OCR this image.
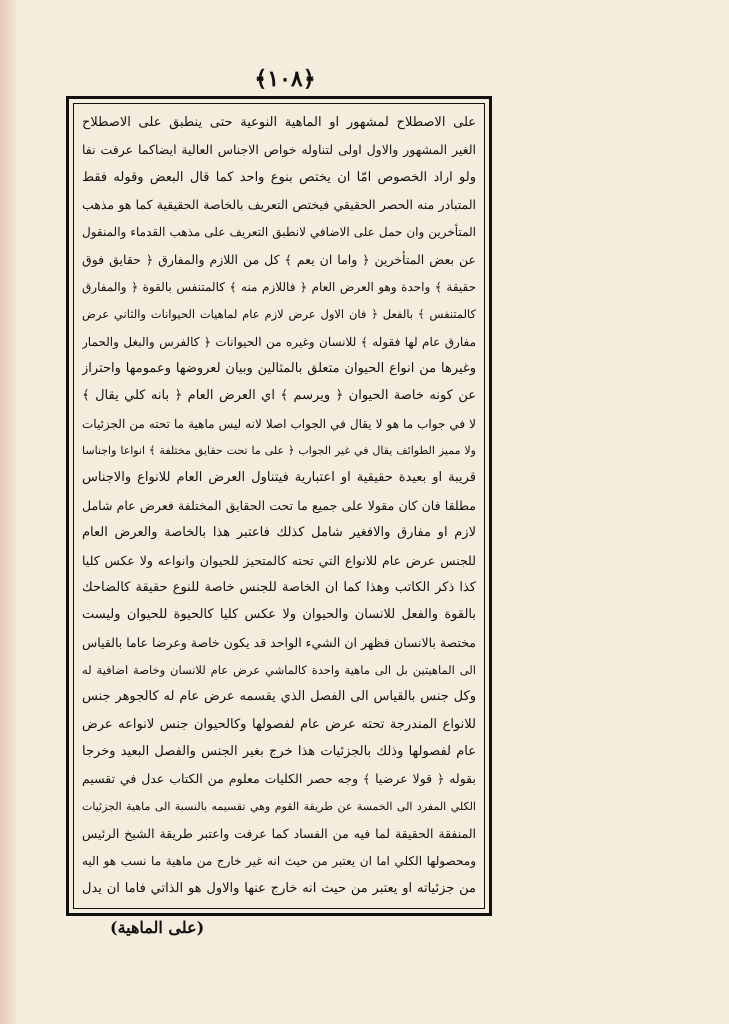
﴿١٠٨﴾
على الاصطلاح لمشهور او الماهية النوعية حتى ينطبق على الاصطلاح
الغير المشهور والاول اولى لتناوله خواص الاجناس العالية ايضاكما عرفت نفا
ولو اراد الخصوص امّا ان يختص بنوع واحد كما قال البعض وقوله فقط
المتبادر منه الحصر الحقيقي فيختص التعريف بالخاصة الحقيقية كما هو مذهب
المتأخرين وان حمل على الاضافي لانطبق التعريف على مذهب القدماء والمنقول
عن بعض المتأخرين ﴿ واما ان يعم ﴾ كل من اللازم والمفارق ﴿ حقايق فوق
حقيقة ﴾ واحدة وهو العرض العام ﴿ فاللازم منه ﴾ كالمتنفس بالقوة ﴿ والمفارق
كالمتنفس ﴾ بالفعل ﴿ فان الاول عرض لازم عام لماهيات الحيوانات والثاني عرض
مفارق عام لها فقوله ﴾ للانسان وغيره من الحيوانات ﴿ كالفرس والبغل والحمار
وغيرها من انواع الحيوان متعلق بالمثالين وبيان لعروضها وعمومها واحتراز
عن كونه خاصة الحيوان ﴿ ويرسم ﴾ اي العرض العام ﴿ بانه كلي يقال ﴾
لا في جواب ما هو لا يقال في الجواب اصلا لانه ليس ماهية ما تحته من الجزئيات
ولا مميز الطوائف يقال في غير الجواب ﴿ على ما تحت حقايق مختلفة ﴾ انواعا واجناسا
قريبة او بعيدة حقيقية او اعتبارية فيتناول العرض العام للانواع والاجناس
مطلقا فان كان مقولا على جميع ما تحت الحقايق المختلفة فعرض عام شامل
لازم او مفارق والافغير شامل كذلك فاعتبر هذا بالخاصة والعرض العام
للجنس عرض عام للانواع التي تحته كالمتحيز للحيوان وانواعه ولا عكس كليا
كذا ذكر الكاتب وهذا كما ان الخاصة للجنس خاصة للنوع حقيقة كالضاحك
بالقوة والفعل للانسان والحيوان ولا عكس كليا كالحيوة للحيوان وليست
مختصة بالانسان فظهر ان الشيء الواحد قد يكون خاصة وعرضا عاما بالقياس
الى الماهيتين بل الى ماهية واحدة كالماشي عرض عام للانسان وخاصة اضافية له
وكل جنس بالقياس الى الفصل الذي يقسمه عرض عام له كالجوهر جنس
للانواع المندرجة تحته عرض عام لفصولها وكالحيوان جنس لانواعه عرض
عام لفصولها وذلك بالجزئيات هذا خرج بغير الجنس والفصل البعيد وخرجا
بقوله ﴿ قولا عرضيا ﴾ وجه حصر الكليات معلوم من الكتاب عدل في تقسيم
الكلي المفرد الى الخمسة عن طريقة القوم وهي تقسيمه بالنسبة الى ماهية الجزئيات
المنفقة الحقيقة لما فيه من الفساد كما عرفت واعتبر طريقة الشيخ الرئيس
ومحصولها الكلي اما ان يعتبر من حيث انه غير خارج من ماهية ما نسب هو اليه
من جزئياته او يعتبر من حيث انه خارج عنها والاول هو الذاتي فاما ان يدل
(على الماهية)
